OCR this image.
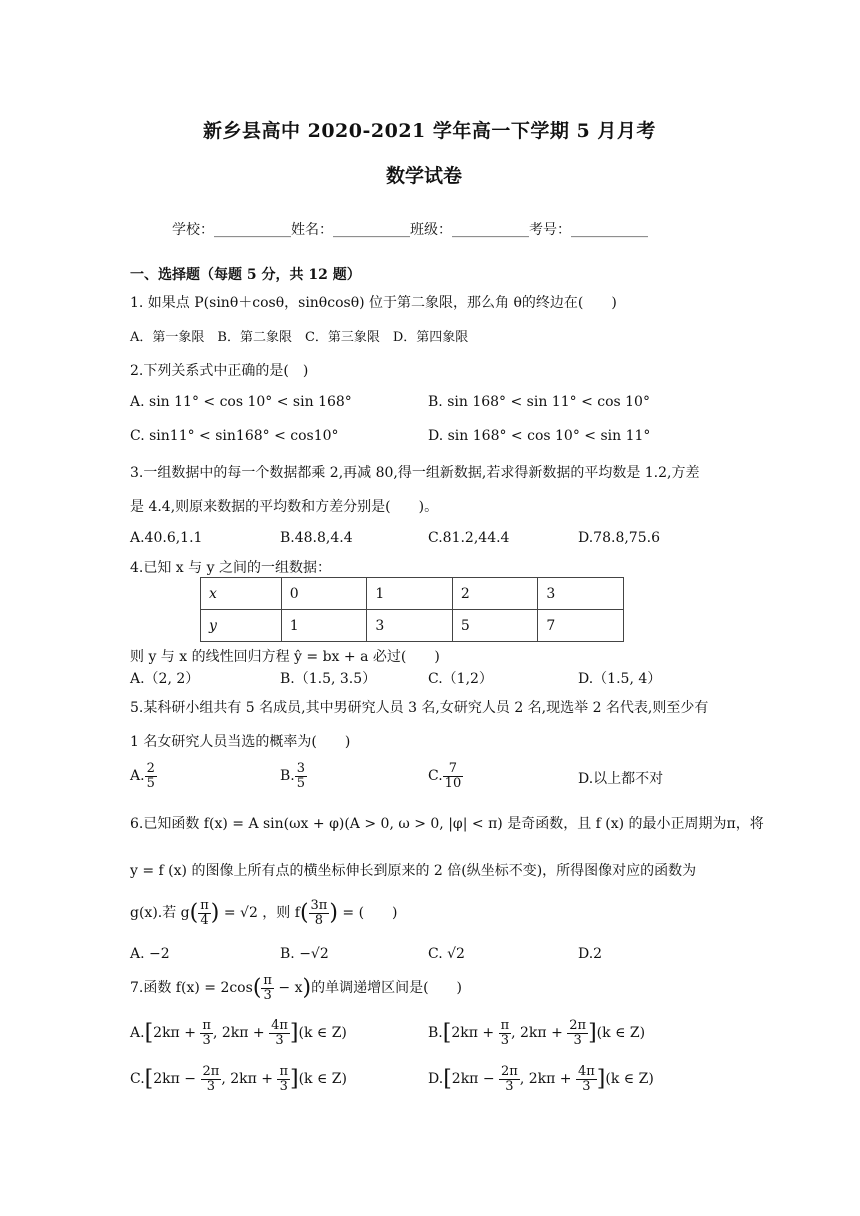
新乡县高中 2020-2021 学年高一下学期 5 月月考
数学试卷
学校：___________姓名：___________班级：___________考号：___________
一、选择题（每题 5 分，共 12 题）
1. 如果点 P(sinθ＋cosθ，sinθcosθ) 位于第二象限，那么角 θ的终边在(　　)
A．第一象限　B．第二象限　C．第三象限　D．第四象限
2.下列关系式中正确的是(　)
A. sin 11° < cos 10° < sin 168°	B. sin 168° < sin 11° < cos 10°
C. sin11° < sin168° < cos10°	D. sin 168° < cos 10° < sin 11°
3.一组数据中的每一个数据都乘 2,再减 80,得一组新数据,若求得新数据的平均数是 1.2,方差
是 4.4,则原来数据的平均数和方差分别是(　　)。
A.40.6,1.1	B.48.8,4.4	C.81.2,44.4	D.78.8,75.6
4.已知 x 与 y 之间的一组数据：
x	0	1	2	3
y	1	3	5	7
则 y 与 x 的线性回归方程 ŷ = bx + a 必过(　　)
A.（2, 2）	B.（1.5, 3.5）	C.（1,2）	D.（1.5, 4）
5.某科研小组共有 5 名成员,其中男研究人员 3 名,女研究人员 2 名,现选举 2 名代表,则至少有
1 名女研究人员当选的概率为(　　)
A. $\frac{2}{5}$	B. $\frac{3}{5}$	C. $\frac{7}{10}$	D.以上都不对
6.已知函数 f(x) = A sin(ωx + φ)(A > 0, ω > 0, |φ| < π) 是奇函数，且 f (x) 的最小正周期为π，将
y = f (x) 的图像上所有点的横坐标伸长到原来的 2 倍(纵坐标不变)，所得图像对应的函数为
g(x).若 $g( \frac{\pi}{4}$ ) = √2 ，则 $f( \frac{3\pi}{8}$ ) = (　　)
A. −2	B. −√2	C. √2	D.2
7.函数 $f(x) = 2\cos( \frac{\pi}{3} - x)$的单调递增区间是(　　)
$A.[2k\pi + \frac{\pi}{3}$ , $2k\pi + \frac{4\pi}{3} ](k$ ∈ Z)	$B.[2k\pi + \frac{\pi}{3}$ , $2k\pi + \frac{2\pi}{3} ](k$ ∈ Z)
$C.[2k\pi - \frac{2\pi}{3}$ , $2k\pi + \frac{\pi}{3} ](k$ ∈ Z)	$D.[2k\pi - \frac{2\pi}{3}$ , $2k\pi + \frac{4\pi}{3} ](k$ ∈ Z)
